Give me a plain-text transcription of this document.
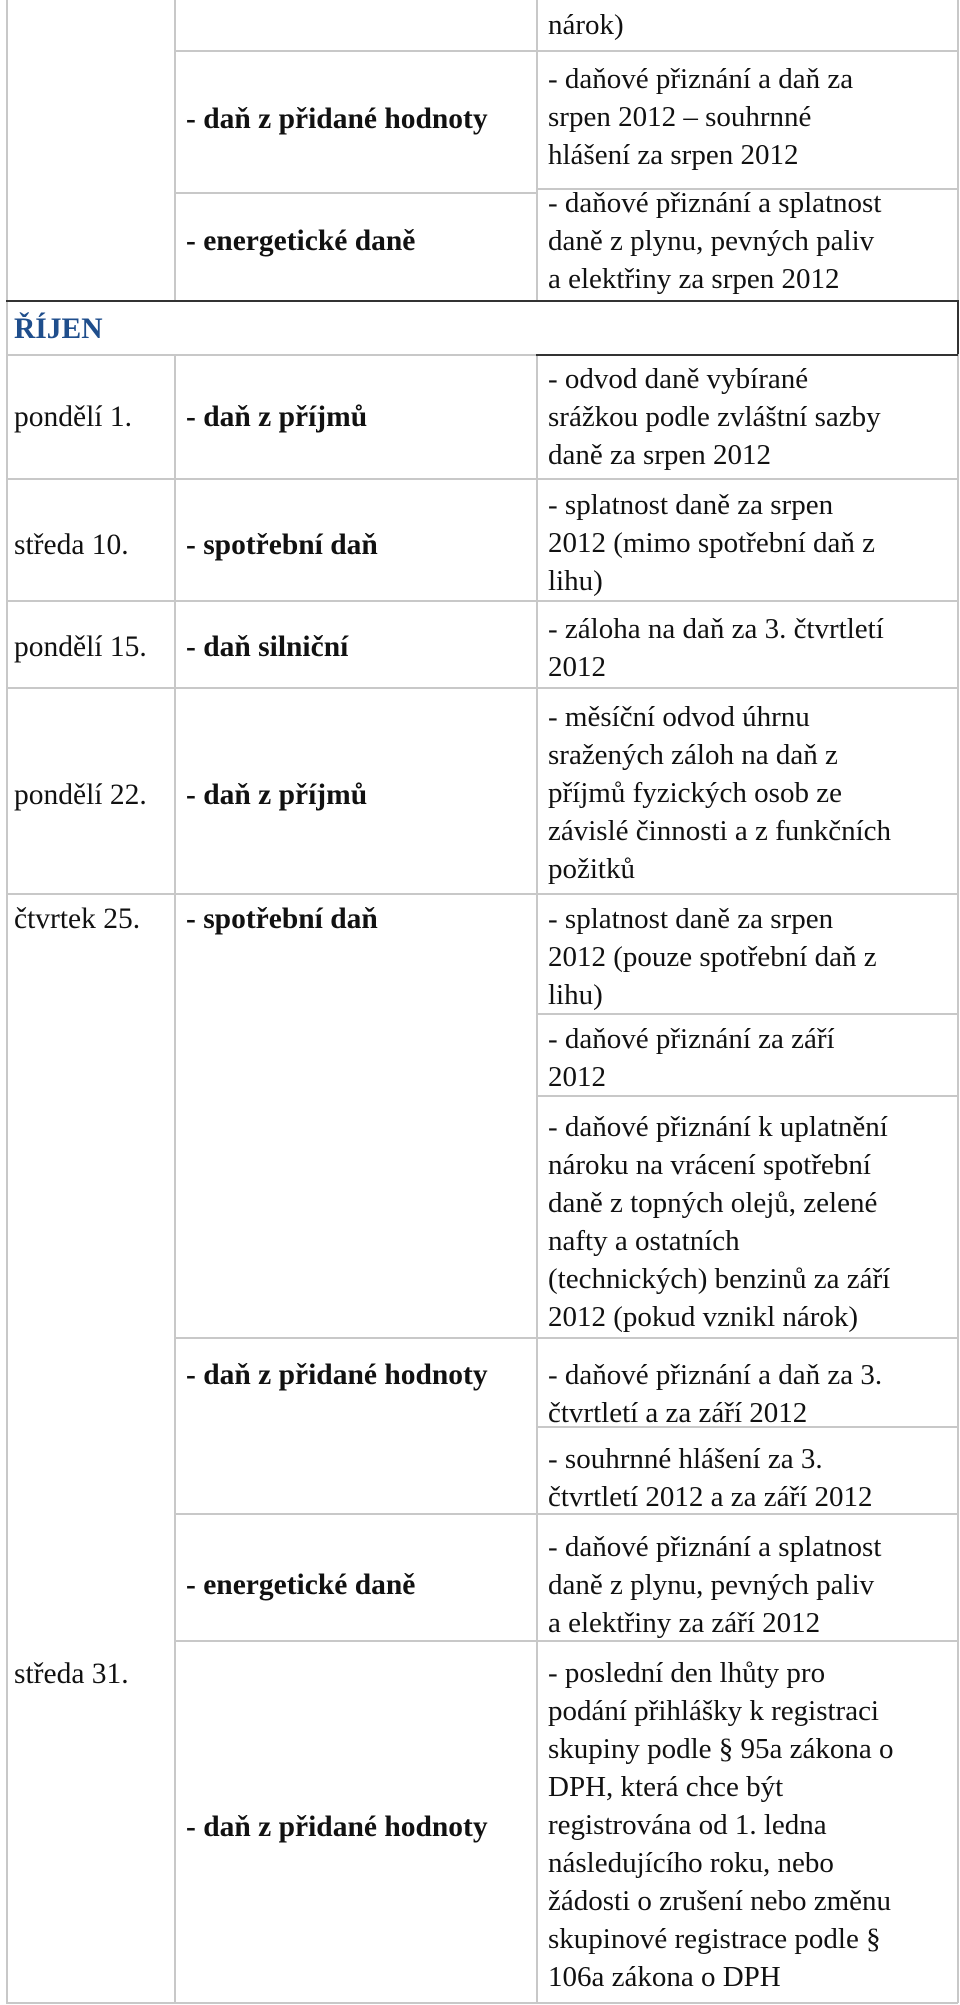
nárok)
- daň z přidané hodnoty
- daňové přiznání a daň za
srpen 2012 – souhrnné
hlášení za srpen 2012
- energetické daně
- daňové přiznání a splatnost
daně z plynu, pevných paliv
a elektřiny za srpen 2012
ŘÍJEN
pondělí 1. - daň z příjmů
- odvod daně vybírané
srážkou podle zvláštní sazby
daně za srpen 2012
středa 10. - spotřební daň
- splatnost daně za srpen
2012 (mimo spotřební daň z
lihu)
pondělí 15. - daň silniční
- záloha na daň za 3. čtvrtletí
2012
pondělí 22. - daň z příjmů
- měsíční odvod úhrnu
sražených záloh na daň z
příjmů fyzických osob ze
závislé činnosti a z funkčních
požitků
čtvrtek 25. - spotřební daň	- splatnost daně za srpen
2012 (pouze spotřební daň z
lihu)
- daňové přiznání za září
2012
- daňové přiznání k uplatnění
nároku na vrácení spotřební
daně z topných olejů, zelené
nafty a ostatních
(technických) benzinů za září
2012 (pokud vznikl nárok)
- daň z přidané hodnoty - daňové přiznání a daň za 3.
čtvrtletí a za září 2012
- souhrnné hlášení za 3.
čtvrtletí 2012 a za září 2012
- energetické daně
- daňové přiznání a splatnost
daně z plynu, pevných paliv
a elektřiny za září 2012
středa 31.
- daň z přidané hodnoty
- poslední den lhůty pro
podání přihlášky k registraci
skupiny podle § 95a zákona o
DPH, která chce být
registrována od 1. ledna
následujícího roku, nebo
žádosti o zrušení nebo změnu
skupinové registrace podle §
106a zákona o DPH
